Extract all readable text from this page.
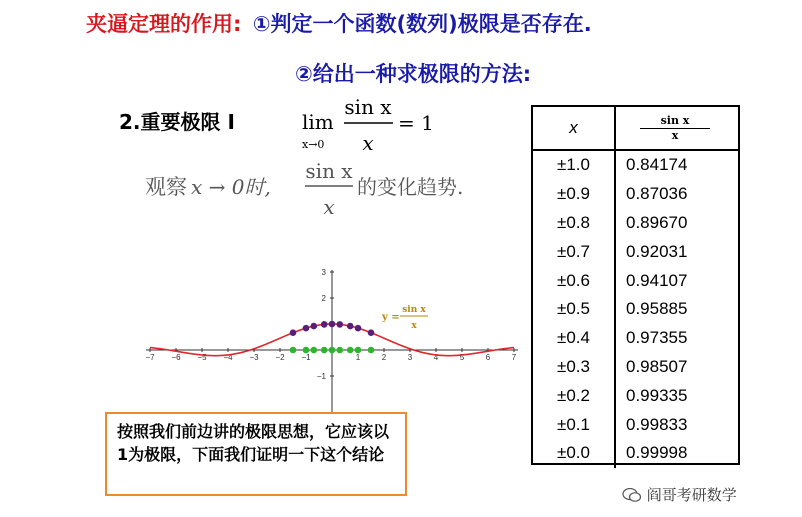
夹逼定理的作用: ①判定一个函数(数列)极限是否存在.
②给出一种求极限的方法:
2.重要极限 I	lim
x→0
sin x
x
= 1
观察 x → 0时,
sin x
x
的变化趋势.
x	sin x
x

±1.0	0.84174
±0.9	0.87036
±0.8	0.89670
±0.7	0.92031
±0.6	0.94107
±0.5	0.95885
±0.4	0.97355
±0.3	0.98507
±0.2	0.99335
±0.1	0.99833
±0.0	0.99998
−7 −6 −5 −4 −3 −2 −1	1	2	3	4	5	6	7
3
2
−1
y =
sin x
x
按照我们前边讲的极限思想，它应该以1为极限，下面我们证明一下这个结论
阎哥考研数学
